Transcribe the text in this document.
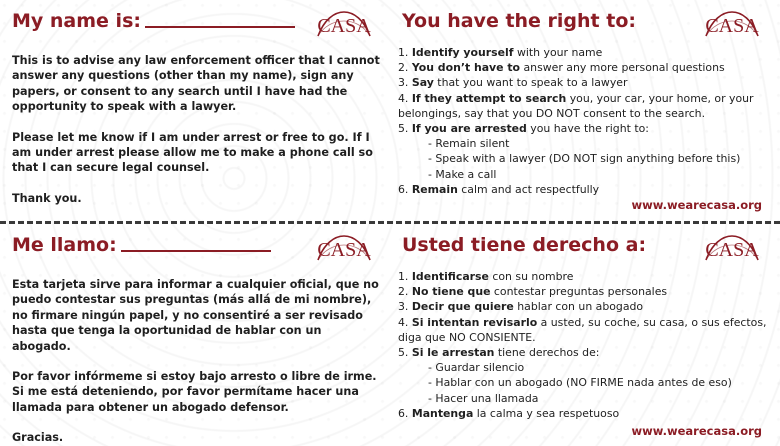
My name is:	CASA

This is to advise any law enforcement officer that I cannot answer any questions (other than my name), sign any papers, or consent to any search until I have had the opportunity to speak with a lawyer.

Please let me know if I am under arrest or free to go. If I am under arrest please allow me to make a phone call so that I can secure legal counsel.

Thank you.

You have the right to:	CASA
1. Identify yourself with your name
2. You don’t have to answer any more personal questions
3. Say that you want to speak to a lawyer
4. If they attempt to search you, your car, your home, or your belongings, say that you DO NOT consent to the search.
5. If you are arrested you have the right to:
- Remain silent
- Speak with a lawyer (DO NOT sign anything before this)
- Make a call
6. Remain calm and act respectfully
www.wearecasa.org
Me llamo:	CASA

Esta tarjeta sirve para informar a cualquier oficial, que no puedo contestar sus preguntas (más allá de mi nombre), no firmare ningún papel, y no consentiré a ser revisado hasta que tenga la oportunidad de hablar con un abogado.

Por favor infórmeme si estoy bajo arresto o libre de irme. Si me está deteniendo, por favor permítame hacer una llamada para obtener un abogado defensor.

Gracias.

Usted tiene derecho a:	CASA
1. Identificarse con su nombre
2. No tiene que contestar preguntas personales
3. Decir que quiere hablar con un abogado
4. Si intentan revisarlo a usted, su coche, su casa, o sus efectos, diga que NO CONSIENTE.
5. Si le arrestan tiene derechos de:
- Guardar silencio
- Hablar con un abogado (NO FIRME nada antes de eso)
- Hacer una llamada
6. Mantenga la calma y sea respetuoso
www.wearecasa.org
